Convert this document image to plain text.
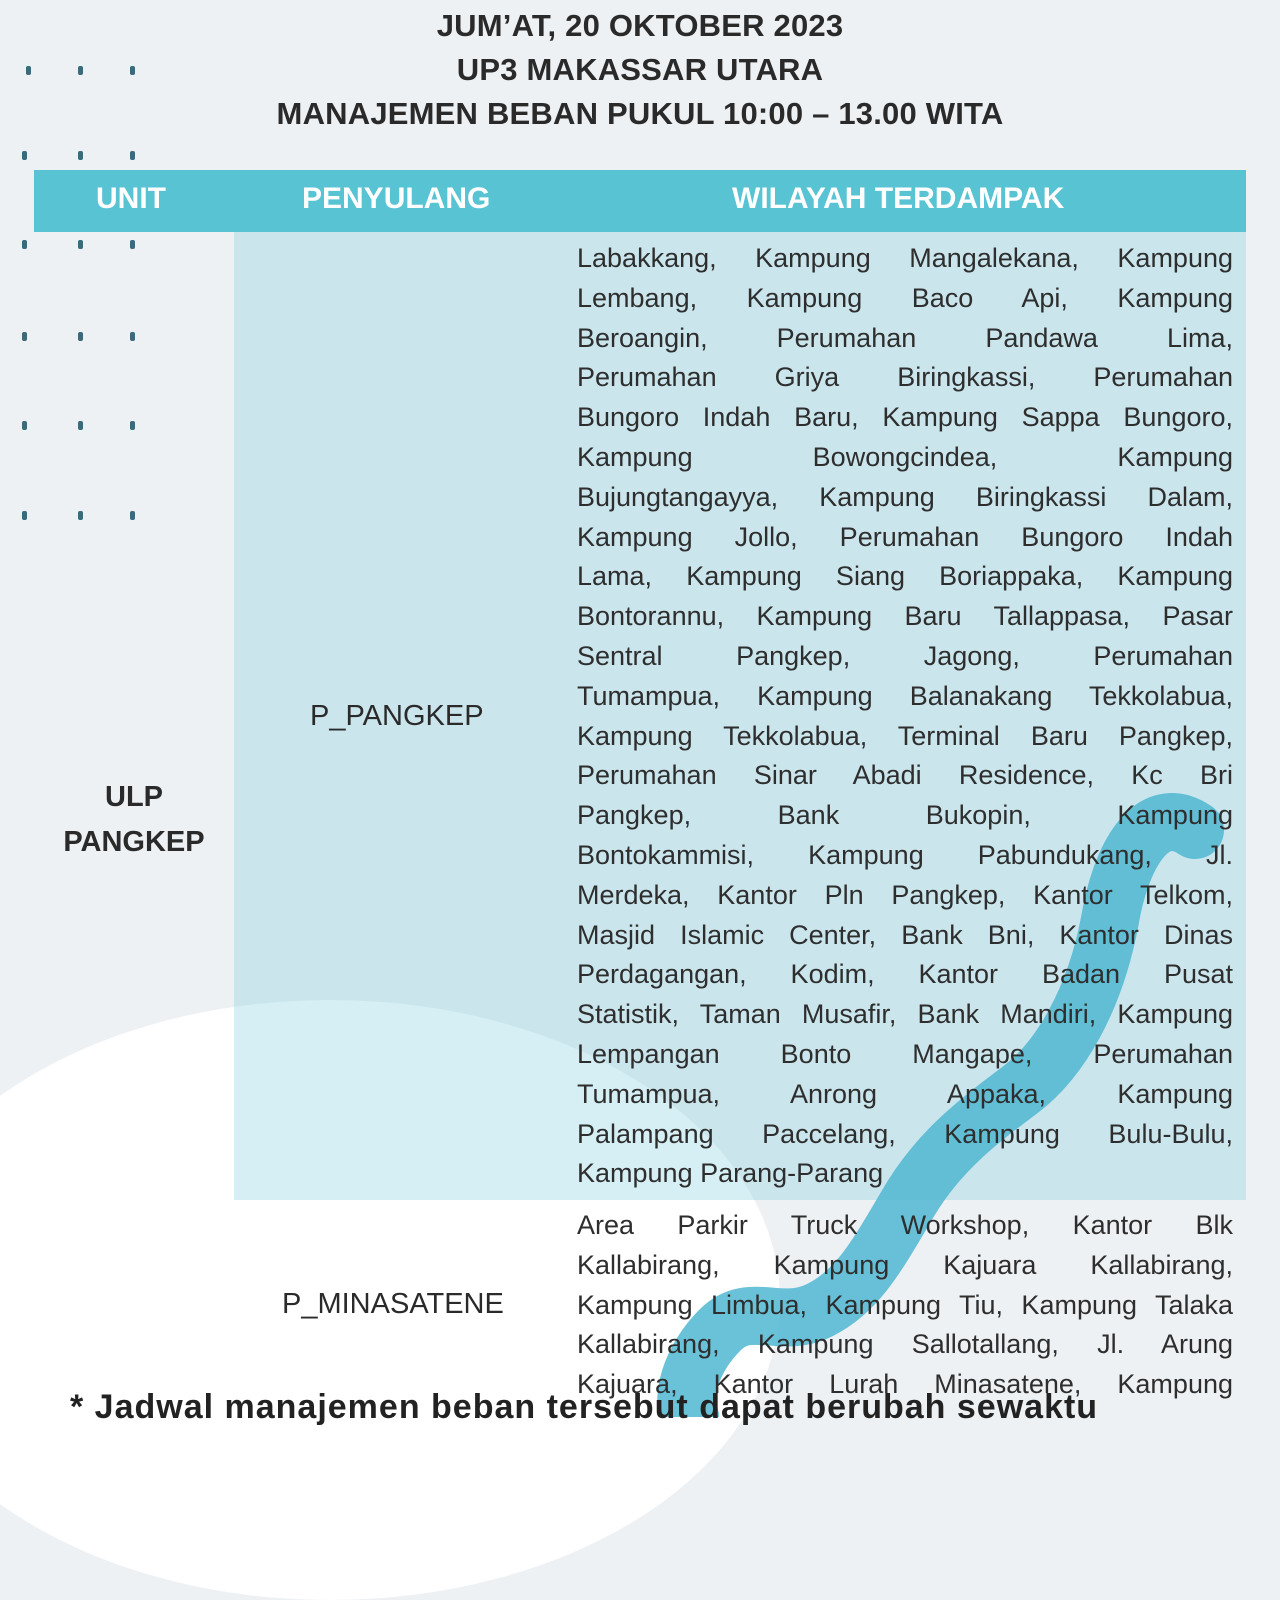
JUM’AT, 20 OKTOBER 2023
UP3 MAKASSAR UTARA
MANAJEMEN BEBAN PUKUL 10:00 – 13.00 WITA
UNIT	PENYULANG	WILAYAH TERDAMPAK
ULP
PANGKEP
P_PANGKEP
P_MINASATENE
Labakkang, Kampung Mangalekana, Kampung
Lembang, Kampung Baco Api, Kampung
Beroangin, Perumahan Pandawa Lima,
Perumahan Griya Biringkassi, Perumahan
Bungoro Indah Baru, Kampung Sappa Bungoro,
Kampung Bowongcindea, Kampung
Bujungtangayya, Kampung Biringkassi Dalam,
Kampung Jollo, Perumahan Bungoro Indah
Lama, Kampung Siang Boriappaka, Kampung
Bontorannu, Kampung Baru Tallappasa, Pasar
Sentral Pangkep, Jagong, Perumahan
Tumampua, Kampung Balanakang Tekkolabua,
Kampung Tekkolabua, Terminal Baru Pangkep,
Perumahan Sinar Abadi Residence, Kc Bri
Pangkep, Bank Bukopin, Kampung
Bontokammisi, Kampung Pabundukang, Jl.
Merdeka, Kantor Pln Pangkep, Kantor Telkom,
Masjid Islamic Center, Bank Bni, Kantor Dinas
Perdagangan, Kodim, Kantor Badan Pusat
Statistik, Taman Musafir, Bank Mandiri, Kampung
Lempangan Bonto Mangape, Perumahan
Tumampua, Anrong Appaka, Kampung
Palampang Paccelang, Kampung Bulu-Bulu,
Kampung Parang-Parang
Area Parkir Truck Workshop, Kantor Blk
Kallabirang, Kampung Kajuara Kallabirang,
Kampung Limbua, Kampung Tiu, Kampung Talaka
Kallabirang, Kampung Sallotallang, Jl. Arung
Kajuara, Kantor Lurah Minasatene, Kampung
* Jadwal manajemen beban tersebut dapat berubah sewaktu
